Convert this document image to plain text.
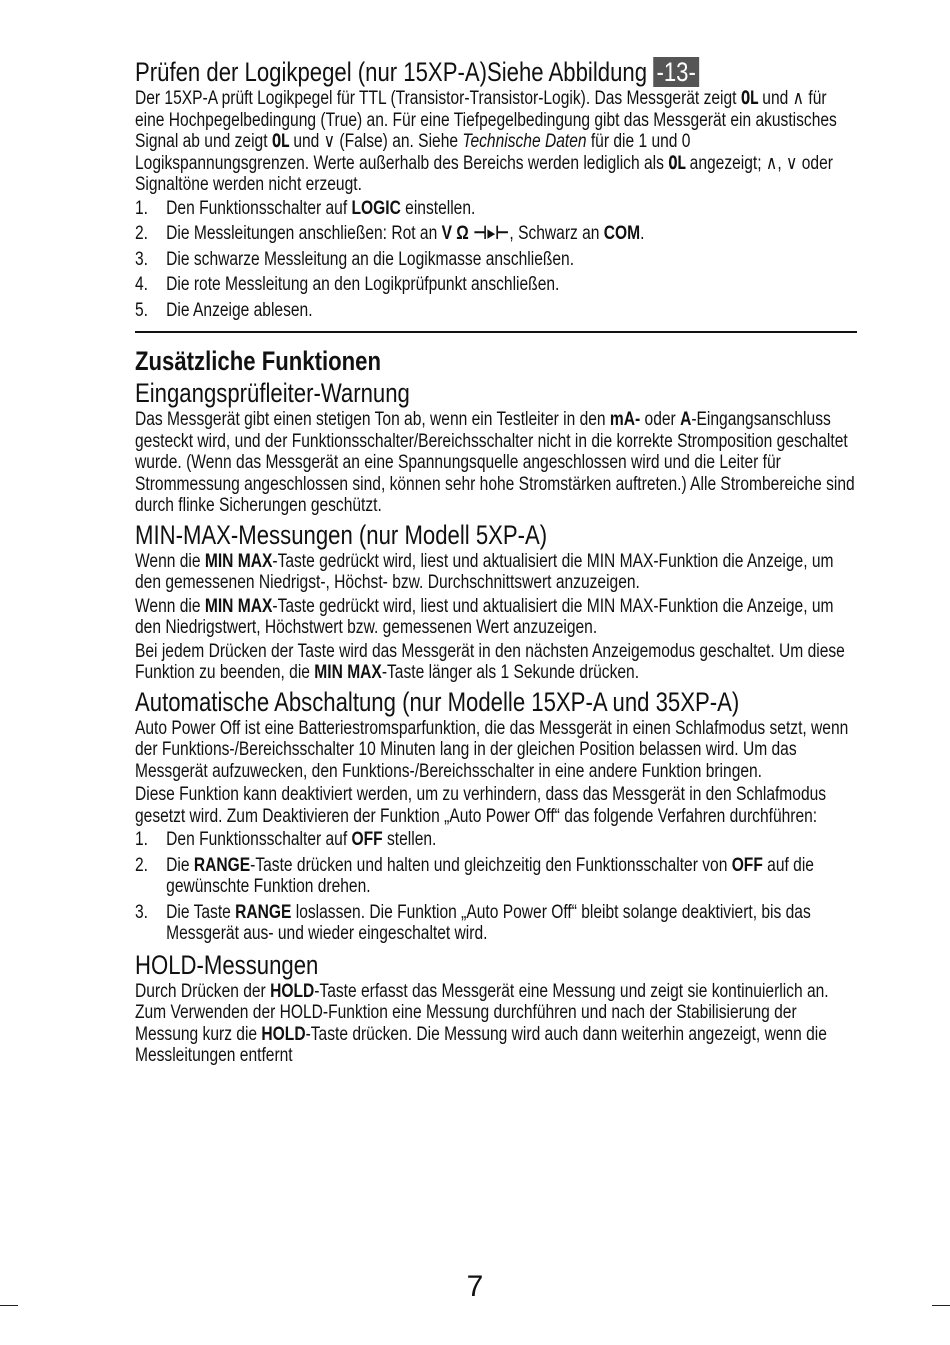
Prüfen der Logikpegel (nur 15XP-A)Siehe Abbildung -13-

Der 15XP-A prüft Logikpegel für TTL (Transistor-Transistor-Logik). Das Messgerät zeigt OL und ∧ für eine Hochpegelbedingung (True) an. Für eine Tiefpegelbedingung gibt das Messgerät ein akustisches Signal ab und zeigt OL und ∨ (False) an. Siehe Technische Daten für die 1 und 0 Logikspannungsgrenzen. Werte außerhalb des Bereichs werden lediglich als OL angezeigt; ∧, ∨ oder Signaltöne werden nicht erzeugt.

1. Den Funktionsschalter auf LOGIC einstellen.
2. Die Messleitungen anschließen: Rot an V Ω ⊣▸⊢, Schwarz an COM.
3. Die schwarze Messleitung an die Logikmasse anschließen.
4. Die rote Messleitung an den Logikprüfpunkt anschließen.
5. Die Anzeige ablesen.
Zusätzliche Funktionen
Eingangsprüfleiter-Warnung

Das Messgerät gibt einen stetigen Ton ab, wenn ein Testleiter in den mA- oder A-Eingangsanschluss gesteckt wird, und der Funktionsschalter/Bereichsschalter nicht in die korrekte Stromposition geschaltet wurde. (Wenn das Messgerät an eine Spannungsquelle angeschlossen wird und die Leiter für Strommessung angeschlossen sind, können sehr hohe Stromstärken auftreten.) Alle Strombereiche sind durch flinke Sicherungen geschützt.

MIN-MAX-Messungen (nur Modell 5XP-A)

Wenn die MIN MAX-Taste gedrückt wird, liest und aktualisiert die MIN MAX-Funktion die Anzeige, um den gemessenen Niedrigst-, Höchst- bzw. Durchschnittswert anzuzeigen.

Wenn die MIN MAX-Taste gedrückt wird, liest und aktualisiert die MIN MAX-Funktion die Anzeige, um den Niedrigstwert, Höchstwert bzw. gemessenen Wert anzuzeigen.

Bei jedem Drücken der Taste wird das Messgerät in den nächsten Anzeigemodus geschaltet. Um diese Funktion zu beenden, die MIN MAX-Taste länger als 1 Sekunde drücken.

Automatische Abschaltung (nur Modelle 15XP-A und 35XP-A)

Auto Power Off ist eine Batteriestromsparfunktion, die das Messgerät in einen Schlafmodus setzt, wenn der Funktions-/Bereichsschalter 10 Minuten lang in der gleichen Position belassen wird. Um das Messgerät aufzuwecken, den Funktions-/Bereichsschalter in eine andere Funktion bringen.

Diese Funktion kann deaktiviert werden, um zu verhindern, dass das Messgerät in den Schlafmodus gesetzt wird. Zum Deaktivieren der Funktion „Auto Power Off“ das folgende Verfahren durchführen:

1. Den Funktionsschalter auf OFF stellen.
2. Die RANGE-Taste drücken und halten und gleichzeitig den Funktionsschalter von OFF auf die gewünschte Funktion drehen.
3. Die Taste RANGE loslassen. Die Funktion „Auto Power Off“ bleibt solange deaktiviert, bis das Messgerät aus- und wieder eingeschaltet wird.
HOLD-Messungen

Durch Drücken der HOLD-Taste erfasst das Messgerät eine Messung und zeigt sie kontinuierlich an. Zum Verwenden der HOLD-Funktion eine Messung durchführen und nach der Stabilisierung der Messung kurz die HOLD-Taste drücken. Die Messung wird auch dann weiterhin angezeigt, wenn die Messleitungen entfernt

7
